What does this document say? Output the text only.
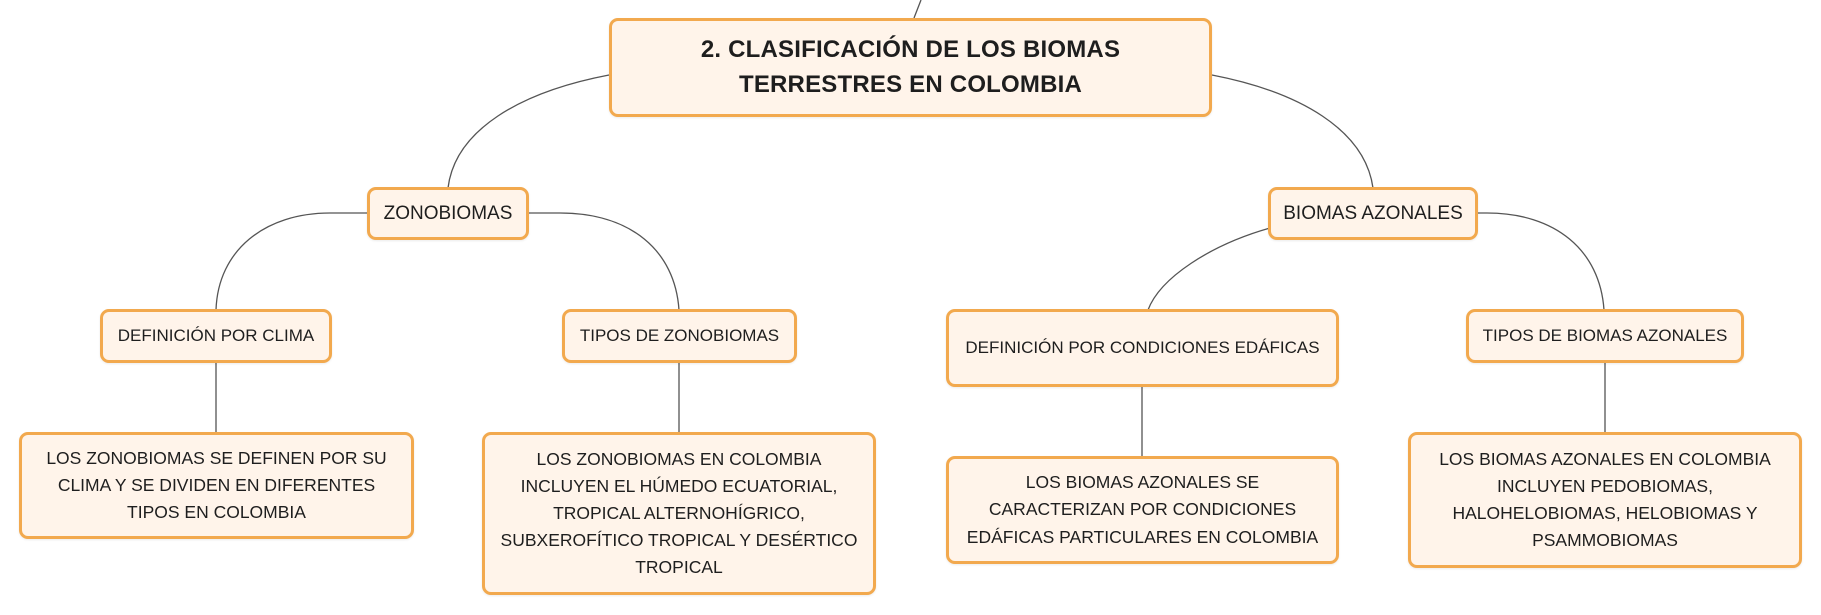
2. CLASIFICACIÓN DE LOS BIOMAS TERRESTRES EN COLOMBIA
ZONOBIOMAS	BIOMAS AZONALES
DEFINICIÓN POR CLIMA	TIPOS DE ZONOBIOMAS
DEFINICIÓN POR CONDICIONES EDÁFICAS
TIPOS DE BIOMAS AZONALES
LOS ZONOBIOMAS SE DEFINEN POR SU CLIMA Y SE DIVIDEN EN DIFERENTES TIPOS EN COLOMBIA
LOS ZONOBIOMAS EN COLOMBIA INCLUYEN EL HÚMEDO ECUATORIAL, TROPICAL ALTERNOHÍGRICO, SUBXEROFÍTICO TROPICAL Y DESÉRTICO TROPICAL
LOS BIOMAS AZONALES SE CARACTERIZAN POR CONDICIONES EDÁFICAS PARTICULARES EN COLOMBIA
LOS BIOMAS AZONALES EN COLOMBIA INCLUYEN PEDOBIOMAS, HALOHELOBIOMAS, HELOBIOMAS Y PSAMMOBIOMAS
